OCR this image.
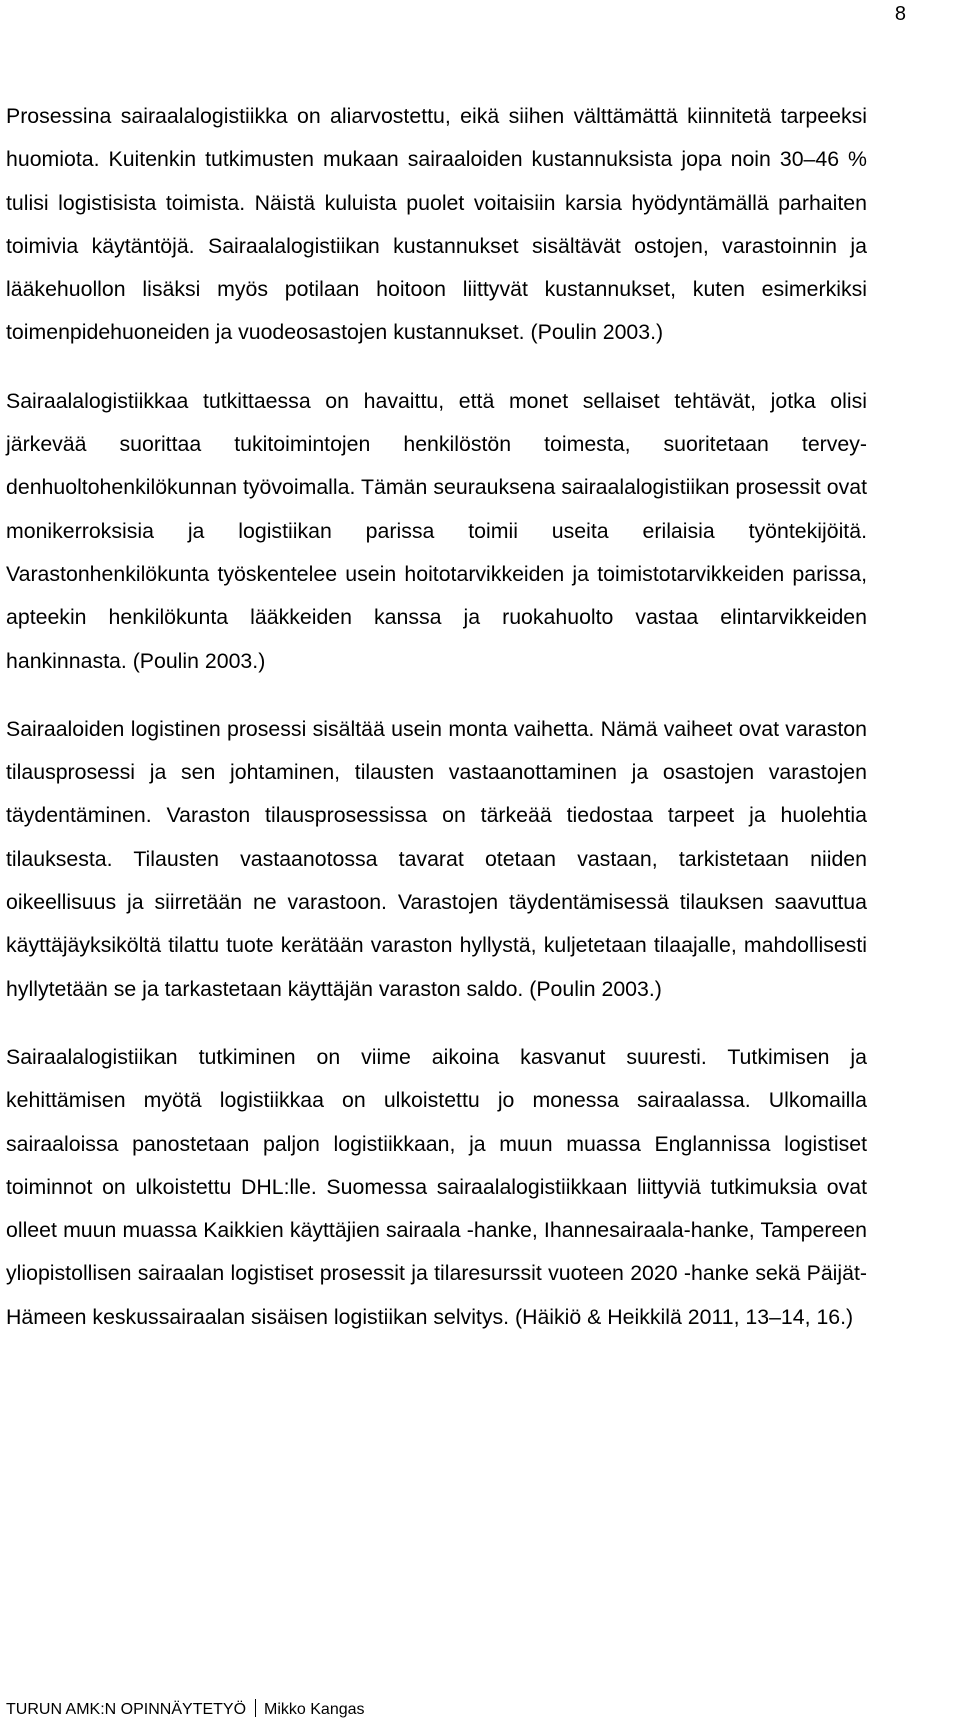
8

Prosessina sairaalalogistiikka on aliarvostettu, eikä siihen välttämättä kiinnitetä tarpeeksi huomiota. Kuitenkin tutkimusten mukaan sairaaloiden kustannuksista jopa noin 30–46 % tulisi logistisista toimista. Näistä kuluista puolet voitaisiin karsia hyödyntämällä parhaiten toimivia käytäntöjä. Sairaalalogistiikan kustannukset sisältävät ostojen, varastoinnin ja lääkehuollon lisäksi myös potilaan hoitoon liittyvät kustannukset, kuten esimerkiksi toimenpidehuoneiden ja vuodeosastojen kustannukset. (Poulin 2003.)

Sairaalalogistiikkaa tutkittaessa on havaittu, että monet sellaiset tehtävät, jotka olisi järkevää suorittaa tukitoimintojen henkilöstön toimesta, suoritetaan terveydenhuoltohenkilökunnan työvoimalla. Tämän seurauksena sairaalalogistiikan prosessit ovat monikerroksisia ja logistiikan parissa toimii useita erilaisia työntekijöitä. Varastonhenkilökunta työskentelee usein hoitotarvikkeiden ja toimistotarvikkeiden parissa, apteekin henkilökunta lääkkeiden kanssa ja ruokahuolto vastaa elintarvikkeiden hankinnasta. (Poulin 2003.)

Sairaaloiden logistinen prosessi sisältää usein monta vaihetta. Nämä vaiheet ovat varaston tilausprosessi ja sen johtaminen, tilausten vastaanottaminen ja osastojen varastojen täydentäminen. Varaston tilausprosessissa on tärkeää tiedostaa tarpeet ja huolehtia tilauksesta. Tilausten vastaanotossa tavarat otetaan vastaan, tarkistetaan niiden oikeellisuus ja siirretään ne varastoon. Varastojen täydentämisessä tilauksen saavuttua käyttäjäyksiköltä tilattu tuote kerätään varaston hyllystä, kuljetetaan tilaajalle, mahdollisesti hyllytetään se ja tarkastetaan käyttäjän varaston saldo. (Poulin 2003.)

Sairaalalogistiikan tutkiminen on viime aikoina kasvanut suuresti. Tutkimisen ja kehittämisen myötä logistiikkaa on ulkoistettu jo monessa sairaalassa. Ulkomailla sairaaloissa panostetaan paljon logistiikkaan, ja muun muassa Englannissa logistiset toiminnot on ulkoistettu DHL:lle. Suomessa sairaalalogistiikkaan liittyviä tutkimuksia ovat olleet muun muassa Kaikkien käyttäjien sairaala -hanke, Ihannesairaala-hanke, Tampereen yliopistollisen sairaalan logistiset prosessit ja tilaresurssit vuoteen 2020 -hanke sekä Päijät-Hämeen keskussairaalan sisäisen logistiikan selvitys. (Häikiö & Heikkilä 2011, 13–14, 16.)

TURUN AMK:N OPINNÄYTETYÖ Mikko Kangas
